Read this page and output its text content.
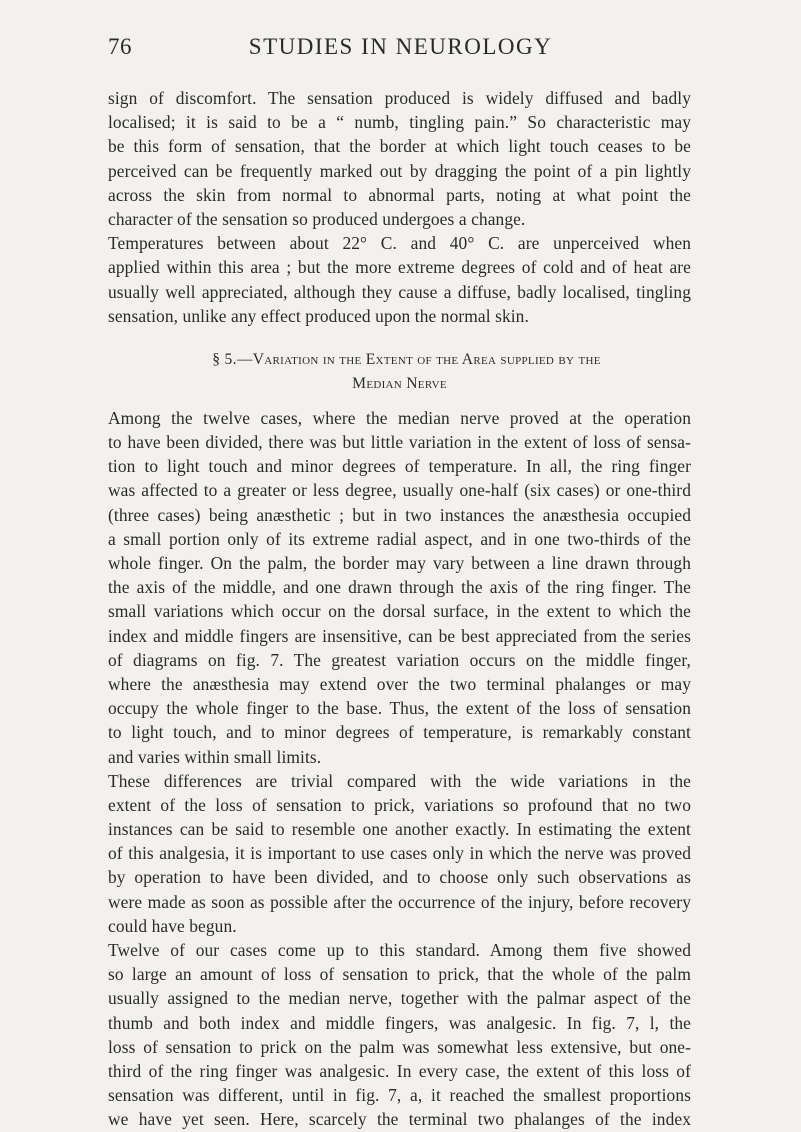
76	STUDIES IN NEUROLOGY
sign of discomfort. The sensation produced is widely diffused and badly
localised; it is said to be a “ numb, tingling pain.” So characteristic may
be this form of sensation, that the border at which light touch ceases to be
perceived can be frequently marked out by dragging the point of a pin lightly
across the skin from normal to abnormal parts, noting at what point the
character of the sensation so produced undergoes a change.
Temperatures between about 22° C. and 40° C. are unperceived when
applied within this area ; but the more extreme degrees of cold and of heat are
usually well appreciated, although they cause a diffuse, badly localised, tingling
sensation, unlike any effect produced upon the normal skin.
§ 5.—Variation in the Extent of the Area supplied by the
Median Nerve
Among the twelve cases, where the median nerve proved at the operation
to have been divided, there was but little variation in the extent of loss of sensa-
tion to light touch and minor degrees of temperature. In all, the ring finger
was affected to a greater or less degree, usually one-half (six cases) or one-third
(three cases) being anæsthetic ; but in two instances the anæsthesia occupied
a small portion only of its extreme radial aspect, and in one two-thirds of the
whole finger. On the palm, the border may vary between a line drawn through
the axis of the middle, and one drawn through the axis of the ring finger. The
small variations which occur on the dorsal surface, in the extent to which the
index and middle fingers are insensitive, can be best appreciated from the series
of diagrams on fig. 7. The greatest variation occurs on the middle finger,
where the anæsthesia may extend over the two terminal phalanges or may
occupy the whole finger to the base. Thus, the extent of the loss of sensation
to light touch, and to minor degrees of temperature, is remarkably constant
and varies within small limits.
These differences are trivial compared with the wide variations in the
extent of the loss of sensation to prick, variations so profound that no two
instances can be said to resemble one another exactly. In estimating the extent
of this analgesia, it is important to use cases only in which the nerve was proved
by operation to have been divided, and to choose only such observations as
were made as soon as possible after the occurrence of the injury, before recovery
could have begun.
Twelve of our cases come up to this standard. Among them five showed
so large an amount of loss of sensation to prick, that the whole of the palm
usually assigned to the median nerve, together with the palmar aspect of the
thumb and both index and middle fingers, was analgesic. In fig. 7, l, the
loss of sensation to prick on the palm was somewhat less extensive, but one-
third of the ring finger was analgesic. In every case, the extent of this loss of
sensation was different, until in fig. 7, a, it reached the smallest proportions
we have yet seen. Here, scarcely the terminal two phalanges of the index
